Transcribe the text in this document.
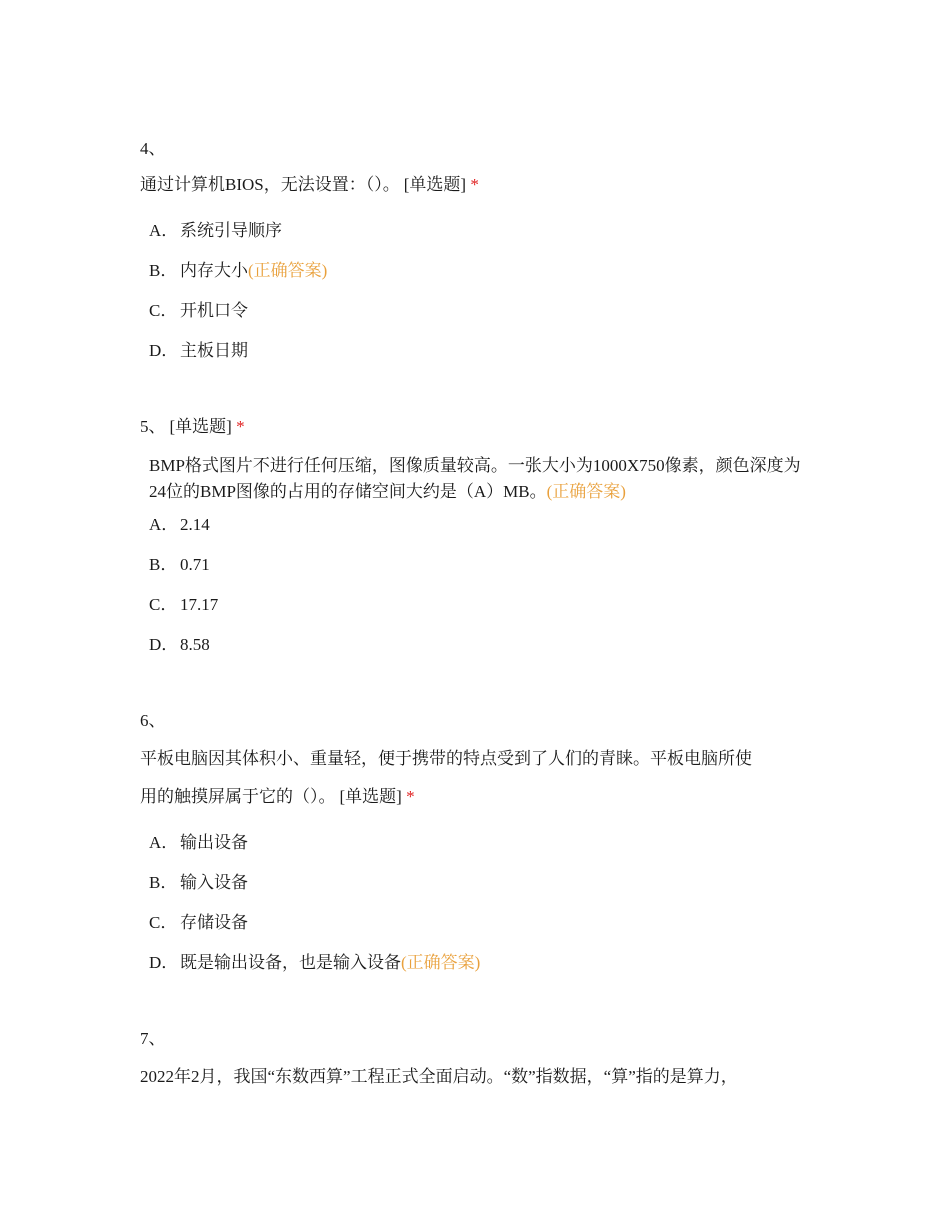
4、
通过计算机BIOS，无法设置：（）。 [单选题] *
A． 系统引导顺序
B． 内存大小(正确答案)
C． 开机口令
D． 主板日期
5、 [单选题] *
BMP格式图片不进行任何压缩，图像质量较高。一张大小为1000X750像素，颜色深度为24位的BMP图像的占用的存储空间大约是（A）MB。(正确答案)
A． 2.14
B． 0.71
C． 17.17
D． 8.58
6、
平板电脑因其体积小、重量轻，便于携带的特点受到了人们的青睐。平板电脑所使
用的触摸屏属于它的（）。 [单选题] *
A． 输出设备
B． 输入设备
C． 存储设备
D． 既是输出设备，也是输入设备(正确答案)
7、
2022年2月，我国“东数西算”工程正式全面启动。“数”指数据，“算”指的是算力，
